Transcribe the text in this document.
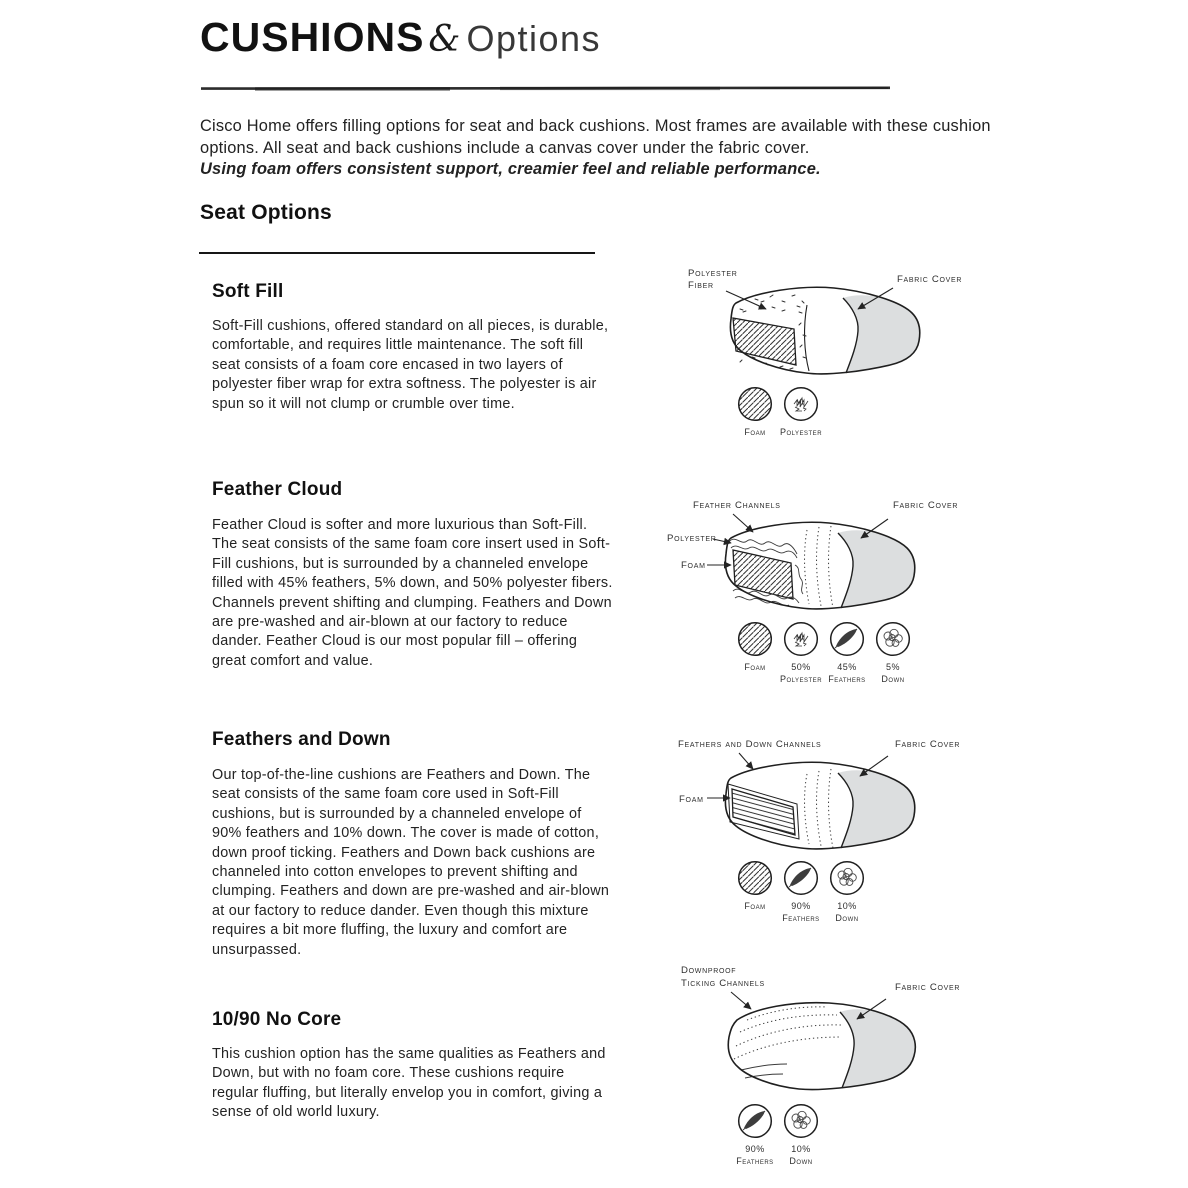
CUSHIONS & Options

Cisco Home offers filling options for seat and back cushions. Most frames are available with these cushion options. All seat and back cushions include a canvas cover under the fabric cover.

Using foam offers consistent support, creamier feel and reliable performance.

Seat Options
Soft Fill

Soft-Fill cushions, offered standard on all pieces, is durable, comfortable, and requires little maintenance. The soft fill seat consists of a foam core encased in two layers of polyester fiber wrap for extra softness. The polyester is air spun so it will not clump or crumble over time.

Polyester
Fiber
Fabric Cover
Foam	Polyester
Feather Cloud

Feather Cloud is softer and more luxurious than Soft-Fill. The seat consists of the same foam core insert used in Soft-Fill cushions, but is surrounded by a channeled envelope filled with 45% feathers, 5% down, and 50% polyester fibers. Channels prevent shifting and clumping. Feathers and Down are pre-washed and air-blown at our factory to reduce dander. Feather Cloud is our most popular fill – offering great comfort and value.

Feather Channels	Fabric Cover
Polyester
Foam
Foam	50%
Polyester
45%
Feathers
5%
Down
Feathers and Down

Our top-of-the-line cushions are Feathers and Down. The seat consists of the same foam core used in Soft-Fill cushions, but is surrounded by a channeled envelope of 90% feathers and 10% down. The cover is made of cotton, down proof ticking. Feathers and Down back cushions are channeled into cotton envelopes to prevent shifting and clumping. Feathers and down are pre-washed and air-blown at our factory to reduce dander. Even though this mixture requires a bit more fluffing, the luxury and comfort are unsurpassed.

Feathers and Down Channels	Fabric Cover
Foam
Foam	90%
Feathers
10%
Down
10/90 No Core

This cushion option has the same qualities as Feathers and Down, but with no foam core. These cushions require regular fluffing, but literally envelop you in comfort, giving a sense of old world luxury.

Downproof
Ticking Channels	Fabric Cover
90%
Feathers
10%
Down
